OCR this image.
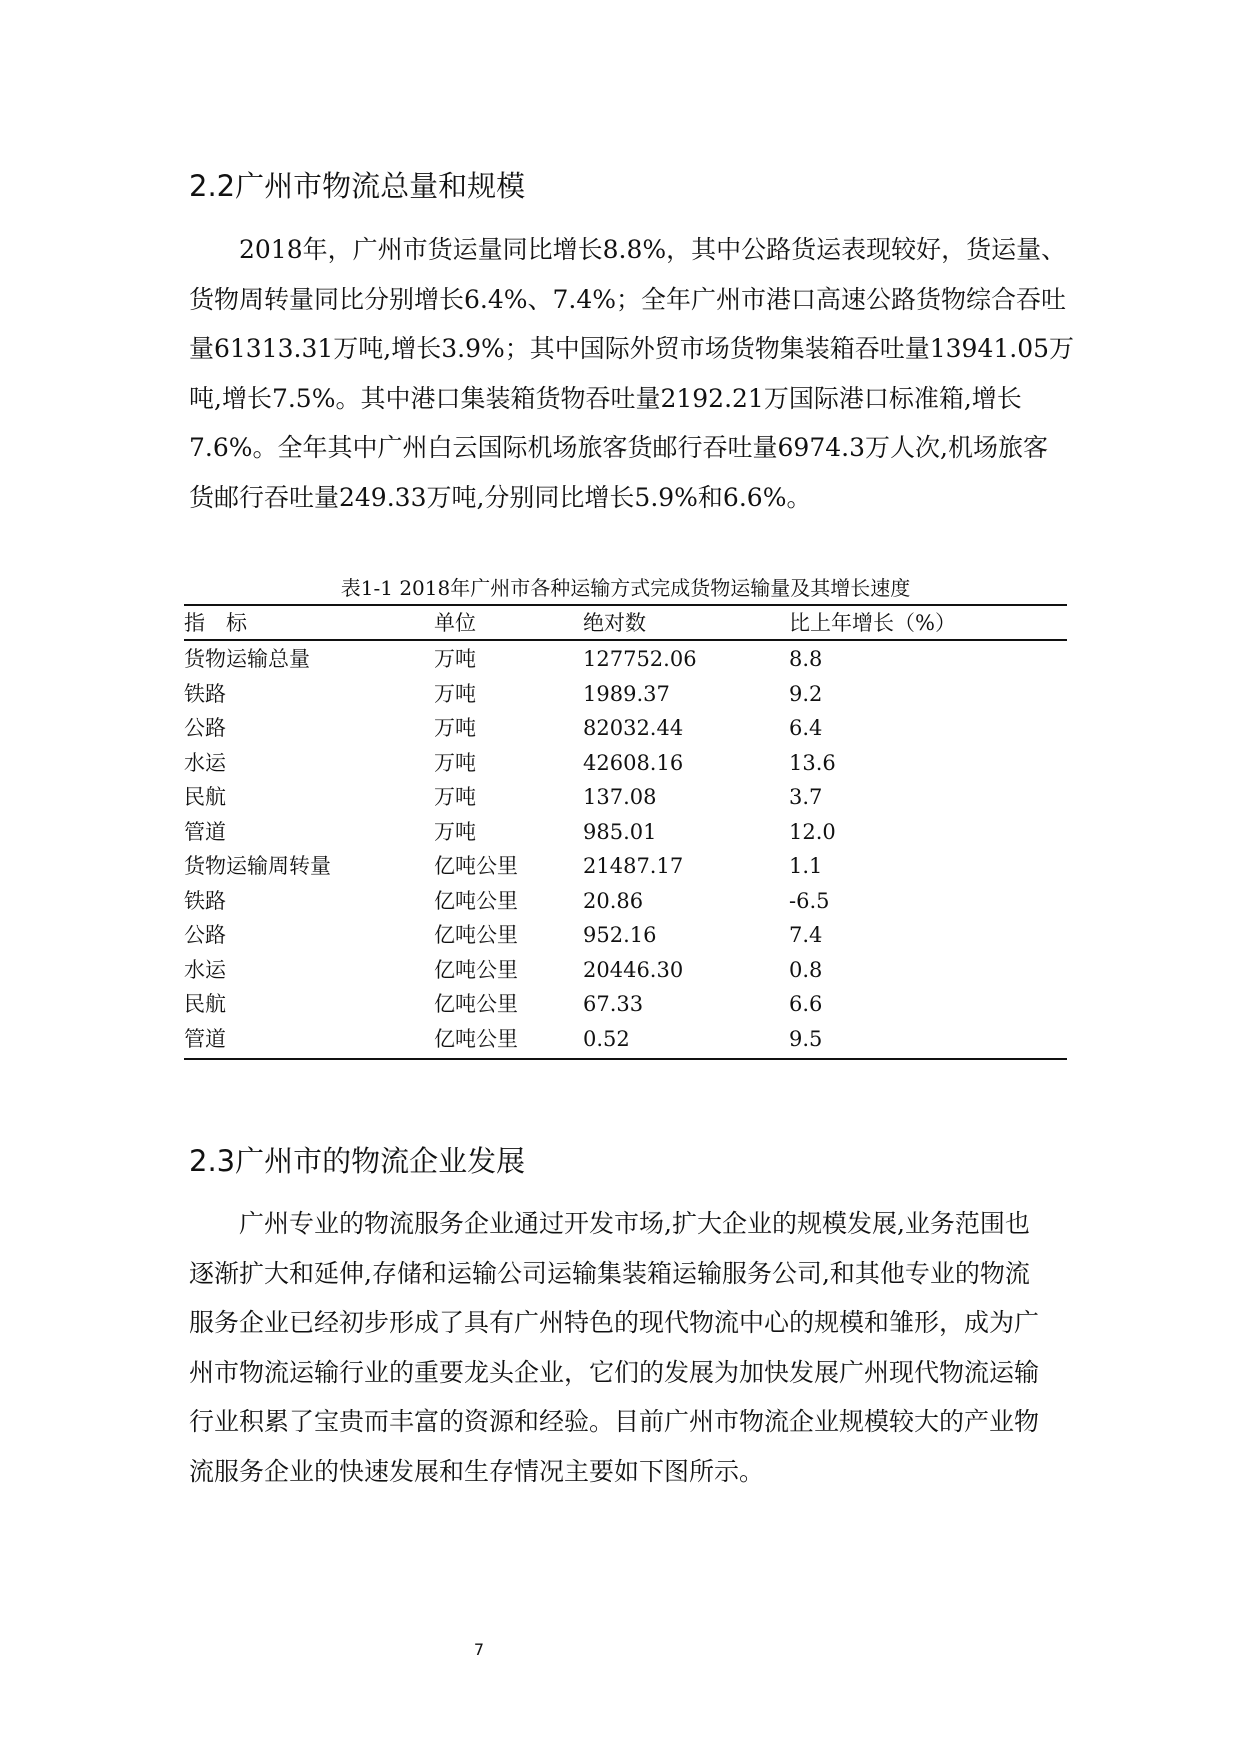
2.2广州市物流总量和规模
2018年，广州市货运量同比增长8.8%，其中公路货运表现较好，货运量、
货物周转量同比分别增长6.4%、7.4%；全年广州市港口高速公路货物综合吞吐
量61313.31万吨,增长3.9%；其中国际外贸市场货物集装箱吞吐量13941.05万
吨,增长7.5%。其中港口集装箱货物吞吐量2192.21万国际港口标准箱,增长
7.6%。全年其中广州白云国际机场旅客货邮行吞吐量6974.3万人次,机场旅客
货邮行吞吐量249.33万吨,分别同比增长5.9%和6.6%。
表1-1 2018年广州市各种运输方式完成货物运输量及其增长速度
指　标	单位	绝对数	比上年增长（%）
货物运输总量	万吨	127752.06	8.8
铁路	万吨	1989.37	9.2
公路	万吨	82032.44	6.4
水运	万吨	42608.16	13.6
民航	万吨	137.08	3.7
管道	万吨	985.01	12.0
货物运输周转量	亿吨公里	21487.17	1.1
铁路	亿吨公里	20.86	-6.5
公路	亿吨公里	952.16	7.4
水运	亿吨公里	20446.30	0.8
民航	亿吨公里	67.33	6.6
管道	亿吨公里	0.52	9.5
2.3广州市的物流企业发展
广州专业的物流服务企业通过开发市场,扩大企业的规模发展,业务范围也
逐渐扩大和延伸,存储和运输公司运输集装箱运输服务公司,和其他专业的物流
服务企业已经初步形成了具有广州特色的现代物流中心的规模和雏形，成为广
州市物流运输行业的重要龙头企业，它们的发展为加快发展广州现代物流运输
行业积累了宝贵而丰富的资源和经验。目前广州市物流企业规模较大的产业物
流服务企业的快速发展和生存情况主要如下图所示。
7
